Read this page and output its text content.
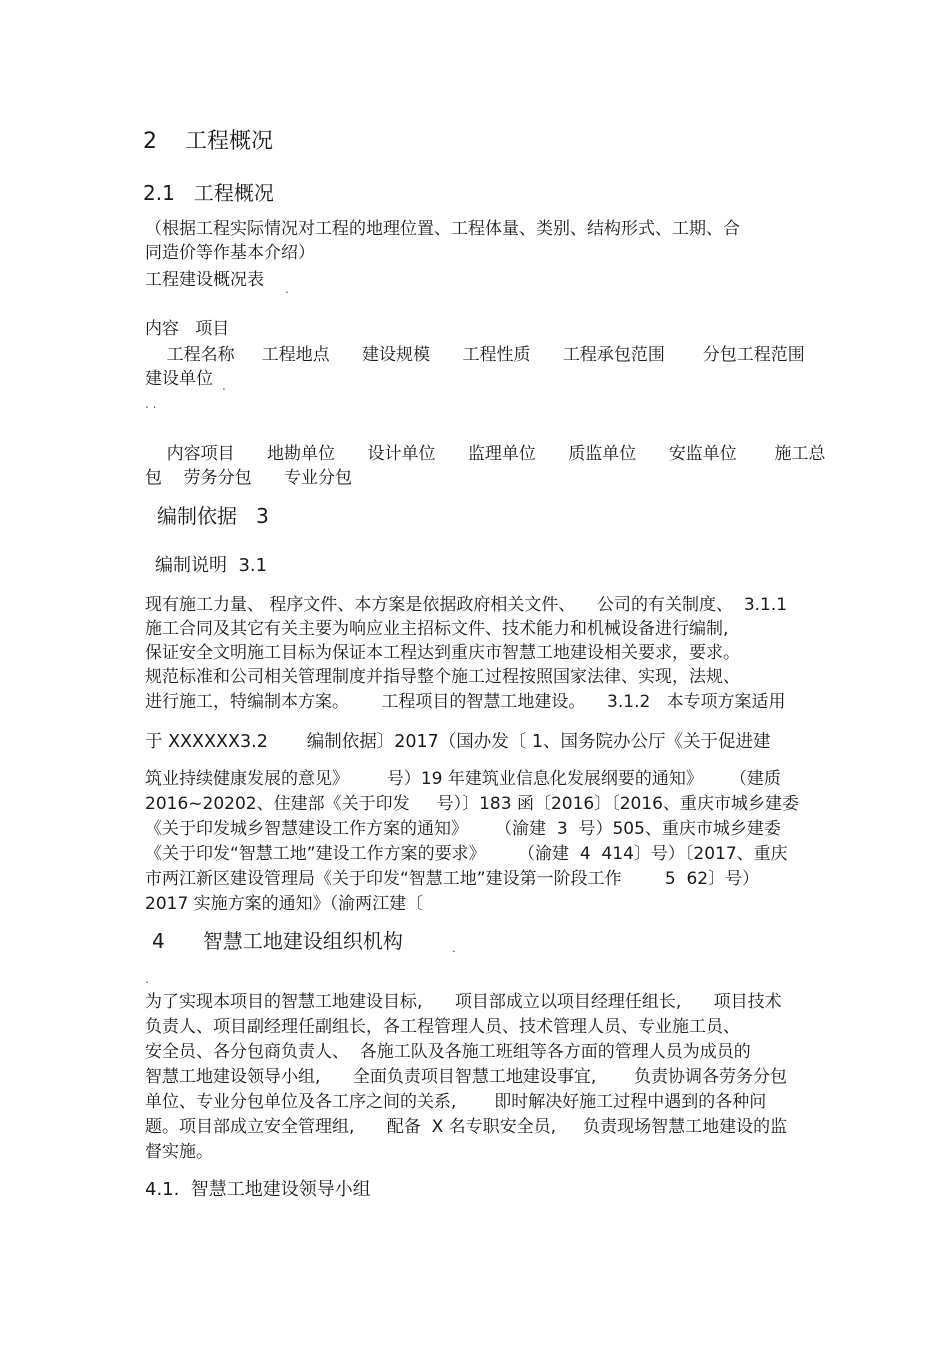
2    工程概况
2.1   工程概况
（根据工程实际情况对工程的地理位置、工程体量、类别、结构形式、工期、合
同造价等作基本介绍）
工程建设概况表 .
内容   项目
工程名称     工程地点      建设规模      工程性质      工程承包范围       分包工程范围
建设单位 .
. .
内容项目      地勘单位      设计单位      监理单位      质监单位      安监单位       施工总
包    劳务分包      专业分包
编制依据   3
编制说明  3.1
现有施工力量、 程序文件、本方案是依据政府相关文件、    公司的有关制度、  3.1.1
施工合同及其它有关主要为响应业主招标文件、技术能力和机械设备进行编制,
保证安全文明施工目标为保证本工程达到重庆市智慧工地建设相关要求，要求。
规范标准和公司相关管理制度并指导整个施工过程按照国家法律、实现，法规、
进行施工，特编制本方案。      工程项目的智慧工地建设。    3.1.2   本专项方案适用
于 XXXXXX3.2       编制依据〕2017（国办发〔 1、国务院办公厅《关于促进建
筑业持续健康发展的意见》       号）19 年建筑业信息化发展纲要的通知》     （建质
2016~20202、住建部《关于印发     号）〕183 函〔2016〕〔2016、重庆市城乡建委
《关于印发城乡智慧建设工作方案的通知》     （渝建  3  号）505、重庆市城乡建委
《关于印发“智慧工地”建设工作方案的要求》      （渝建  4  414〕号）〔2017、重庆
市两江新区建设管理局《关于印发“智慧工地”建设第一阶段工作        5  62〕号）
2017 实施方案的通知》（渝两江建〔
4      智慧工地建设组织机构	.
.
为了实现本项目的智慧工地建设目标,      项目部成立以项目经理任组长,      项目技术
负责人、项目副经理任副组长，各工程管理人员、技术管理人员、专业施工员、
安全员、各分包商负责人、  各施工队及各施工班组等各方面的管理人员为成员的
智慧工地建设领导小组,      全面负责项目智慧工地建设事宜,       负责协调各劳务分包
单位、专业分包单位及各工序之间的关系,       即时解决好施工过程中遇到的各种问
题。项目部成立安全管理组,      配备  X 名专职安全员,     负责现场智慧工地建设的监
督实施。
4.1.  智慧工地建设领导小组
